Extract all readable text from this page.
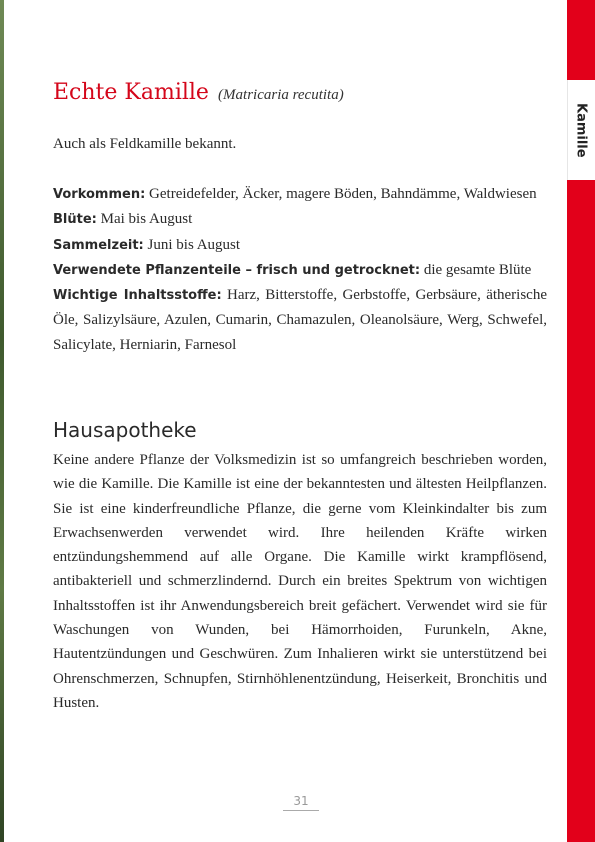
Kamille
Echte Kamille (Matricaria recutita)
Auch als Feldkamille bekannt.

Vorkommen: Getreidefelder, Äcker, magere Böden, Bahndämme, Waldwiesen

Blüte: Mai bis August

Sammelzeit: Juni bis August

Verwendete Pflanzenteile – frisch und getrocknet: die gesamte Blüte

Wichtige Inhaltsstoffe: Harz, Bitterstoffe, Gerbstoffe, Gerbsäure, ätherische Öle, Salizylsäure, Azulen, Cumarin, Chamazulen, Oleanolsäure, Werg, Schwefel, Salicylate, Herniarin, Farnesol

Hausapotheke

Keine andere Pflanze der Volksmedizin ist so umfangreich beschrieben worden, wie die Kamille. Die Kamille ist eine der bekanntesten und ältesten Heilpflanzen. Sie ist eine kinderfreundliche Pflanze, die gerne vom Kleinkindalter bis zum Erwachsenwerden verwendet wird. Ihre heilenden Kräfte wirken entzündungshemmend auf alle Organe. Die Kamille wirkt krampflösend, antibakteriell und schmerzlindernd. Durch ein breites Spektrum von wichtigen Inhaltsstoffen ist ihr Anwendungsbereich breit gefächert. Verwendet wird sie für Waschungen von Wunden, bei Hämorrhoiden, Furunkeln, Akne, Hautentzündungen und Geschwüren. Zum Inhalieren wirkt sie unterstützend bei Ohrenschmerzen, Schnupfen, Stirnhöhlenentzündung, Heiserkeit, Bronchitis und Husten.

31
